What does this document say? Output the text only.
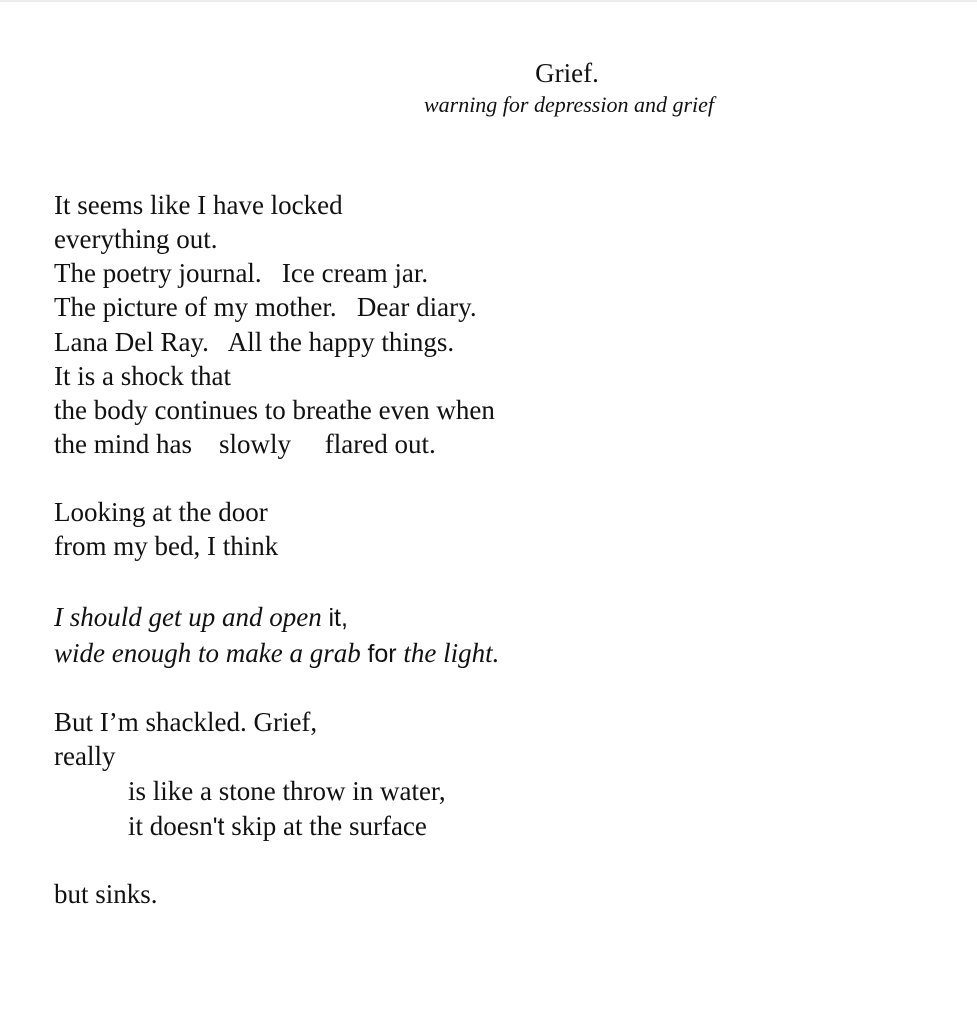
Grief.
warning for depression and grief
It seems like I have locked
everything out.
The poetry journal.   Ice cream jar.
The picture of my mother.   Dear diary.
Lana Del Ray.   All the happy things.
It is a shock that
the body continues to breathe even when
the mind has    slowly     flared out.
Looking at the door
from my bed, I think
I should get up and open it,
wide enough to make a grab for the light.
But I’m shackled. Grief,
really
is like a stone throw in water,
it doesn't skip at the surface
but sinks.
